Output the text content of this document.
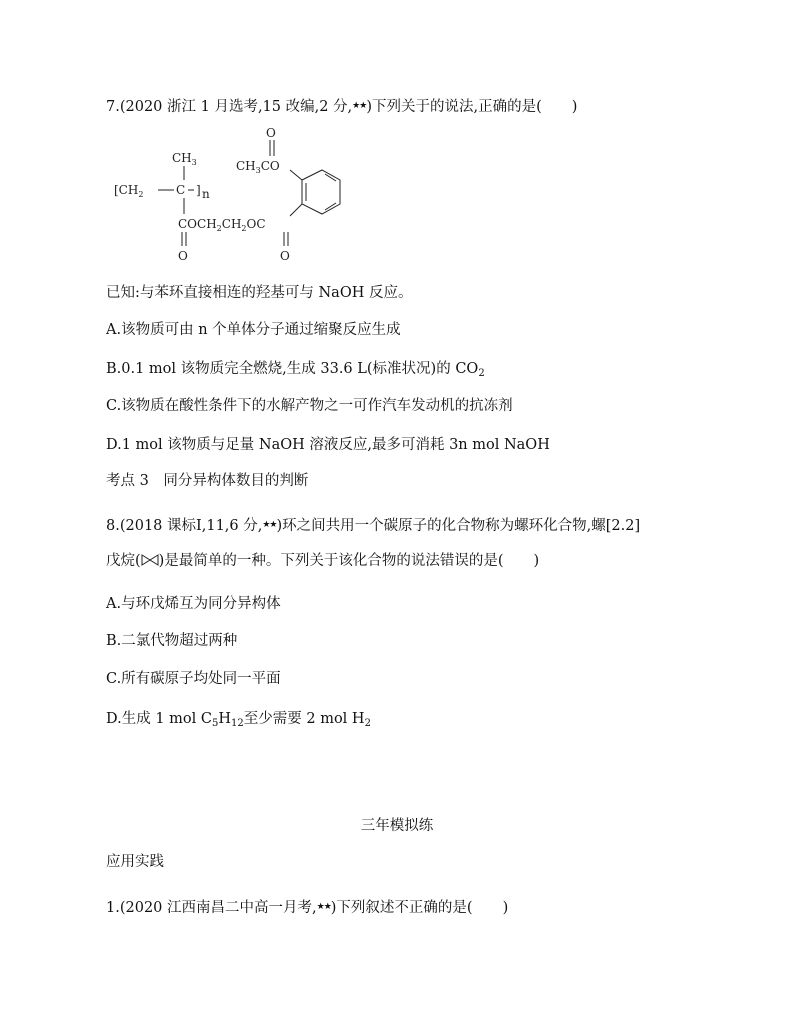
7.(2020 浙江 1 月选考,15 改编,2 分,★★)下列关于的说法,正确的是( )
$CH_3$
[$CH_2$	C ] n
$COCH_2CH_2OC$
O	O
O
$CH_3CO$
已知:与苯环直接相连的羟基可与 NaOH 反应。
A.该物质可由 n 个单体分子通过缩聚反应生成
B.0.1 mol 该物质完全燃烧,生成 33.6 L(标准状况)的 $CO_2$
C.该物质在酸性条件下的水解产物之一可作汽车发动机的抗冻剂
D.1 mol 该物质与足量 NaOH 溶液反应,最多可消耗 3n mol NaOH
考点 3　同分异构体数目的判断
8.(2018 课标Ⅰ,11,6 分,★★)环之间共用一个碳原子的化合物称为螺环化合物,螺[2.2]
戊烷( )是最简单的一种。下列关于该化合物的说法错误的是( )
A.与环戊烯互为同分异构体
B.二氯代物超过两种
C.所有碳原子均处同一平面
D.生成 1 mol $C_5H_{12}$至少需要 2 mol $H_2$
三年模拟练
应用实践
1.(2020 江西南昌二中高一月考,★★)下列叙述不正确的是( )
